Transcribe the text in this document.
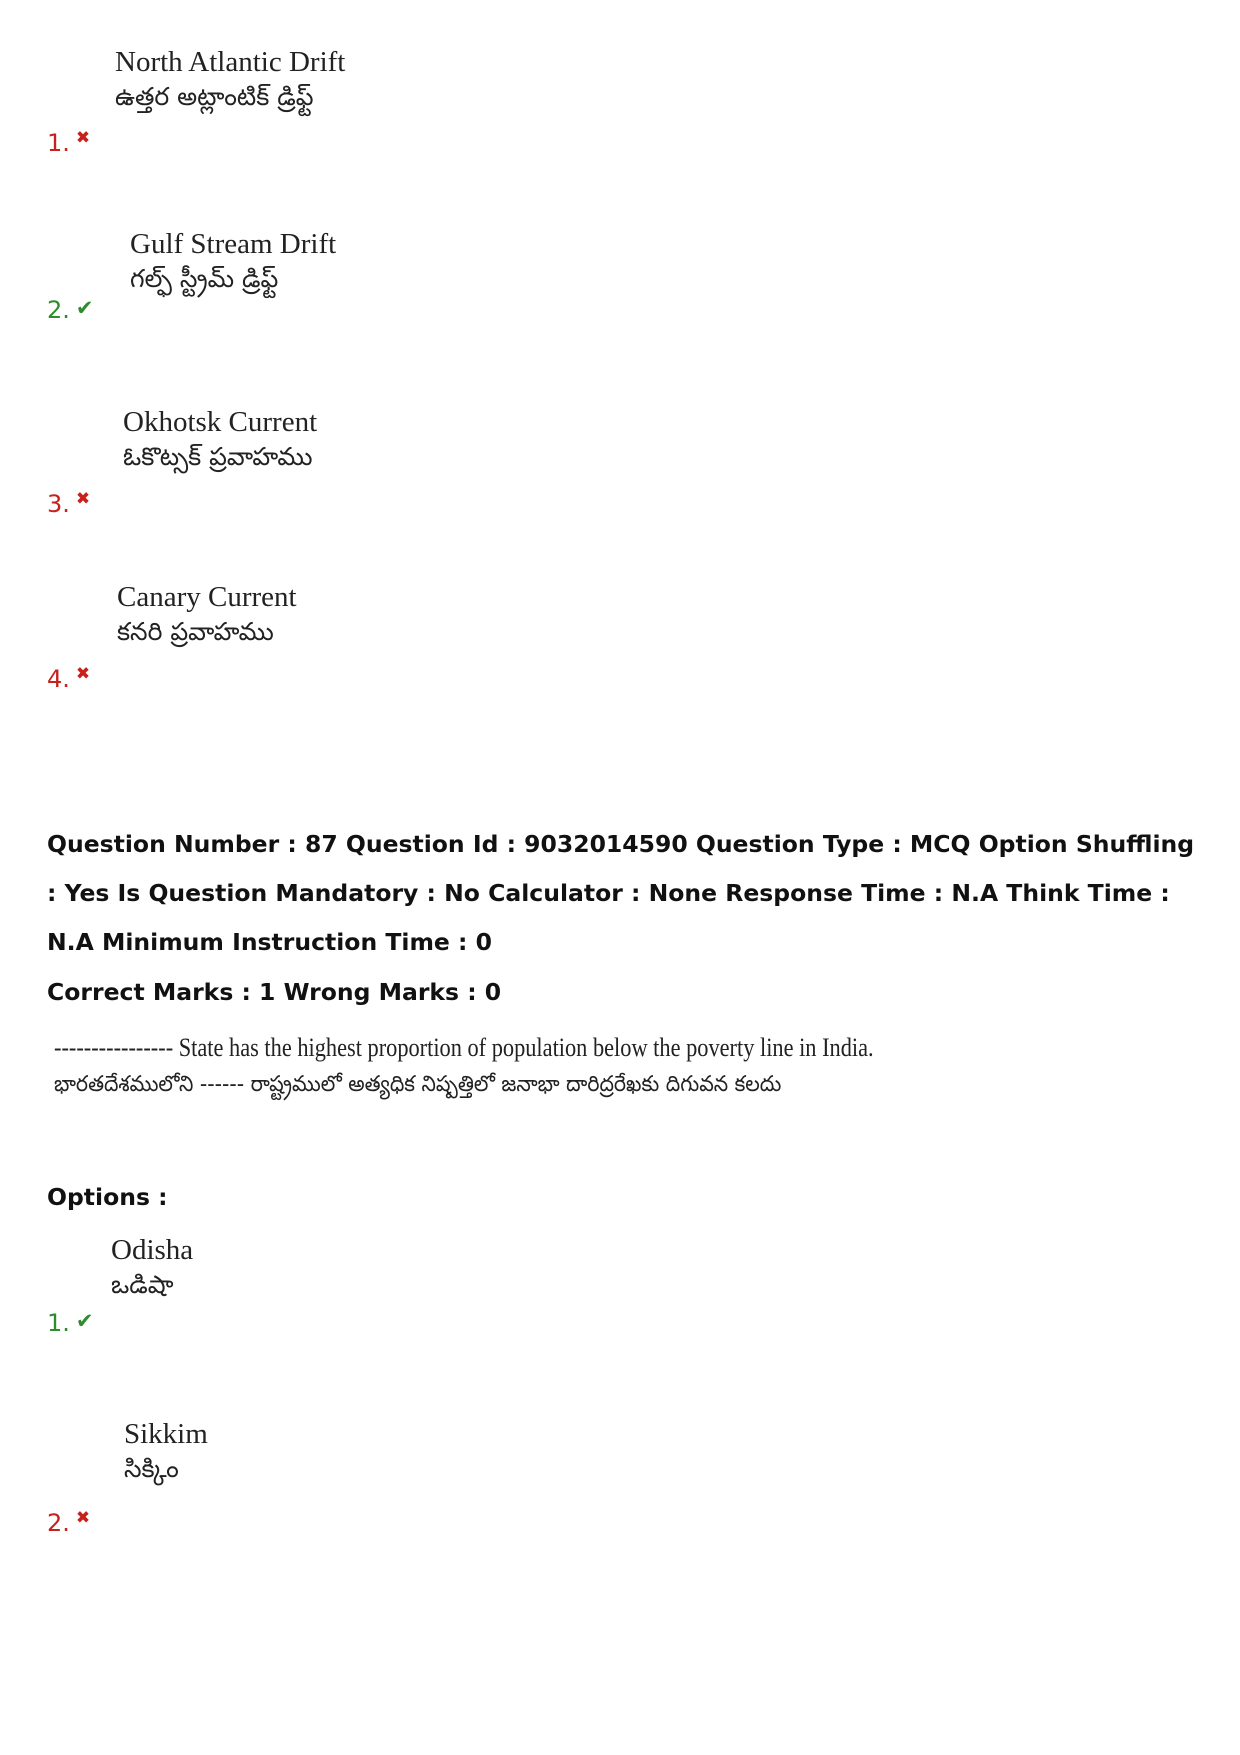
North Atlantic Drift
ఉత్తర అట్లాంటిక్ డ్రిఫ్ట్
1. ✖
Gulf Stream Drift
గల్ఫ్ స్ట్రీమ్ డ్రిఫ్ట్
2. ✔
Okhotsk Current
ఓకొట్సక్ ప్రవాహము
3. ✖
Canary Current
కనరి ప్రవాహము
4. ✖
Question Number : 87 Question Id : 9032014590 Question Type : MCQ Option Shuffling : Yes Is Question Mandatory : No Calculator : None Response Time : N.A Think Time : N.A Minimum Instruction Time : 0
Correct Marks : 1 Wrong Marks : 0
---------------- State has the highest proportion of population below the poverty line in India.
భారతదేశములోని ------ రాష్ట్రములో అత్యధిక నిష్పత్తిలో జనాభా దారిద్రరేఖకు దిగువన కలదు
Options :
Odisha
ఒడిషా
1. ✔
Sikkim
సిక్కిం
2. ✖
